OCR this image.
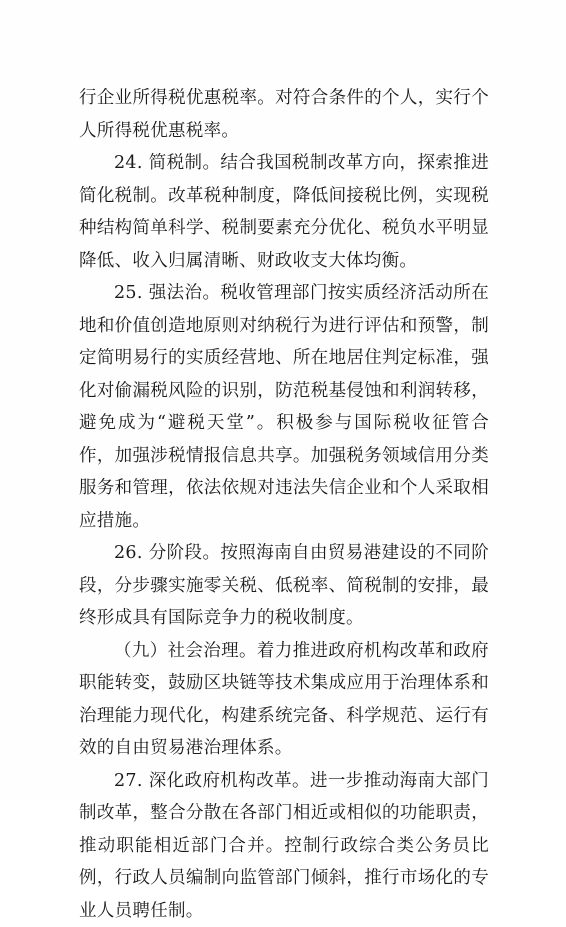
行企业所得税优惠税率。对符合条件的个人，实行个人所得税优惠税率。

24. 简税制。结合我国税制改革方向，探索推进简化税制。改革税种制度，降低间接税比例，实现税种结构简单科学、税制要素充分优化、税负水平明显降低、收入归属清晰、财政收支大体均衡。

25. 强法治。税收管理部门按实质经济活动所在地和价值创造地原则对纳税行为进行评估和预警，制定简明易行的实质经营地、所在地居住判定标准，强化对偷漏税风险的识别，防范税基侵蚀和利润转移，避免成为“避税天堂”。积极参与国际税收征管合作，加强涉税情报信息共享。加强税务领域信用分类服务和管理，依法依规对违法失信企业和个人采取相应措施。

26. 分阶段。按照海南自由贸易港建设的不同阶段，分步骤实施零关税、低税率、简税制的安排，最终形成具有国际竞争力的税收制度。

（九）社会治理。着力推进政府机构改革和政府职能转变，鼓励区块链等技术集成应用于治理体系和治理能力现代化，构建系统完备、科学规范、运行有效的自由贸易港治理体系。

27. 深化政府机构改革。进一步推动海南大部门制改革，整合分散在各部门相近或相似的功能职责，推动职能相近部门合并。控制行政综合类公务员比例，行政人员编制向监管部门倾斜，推行市场化的专业人员聘任制。
